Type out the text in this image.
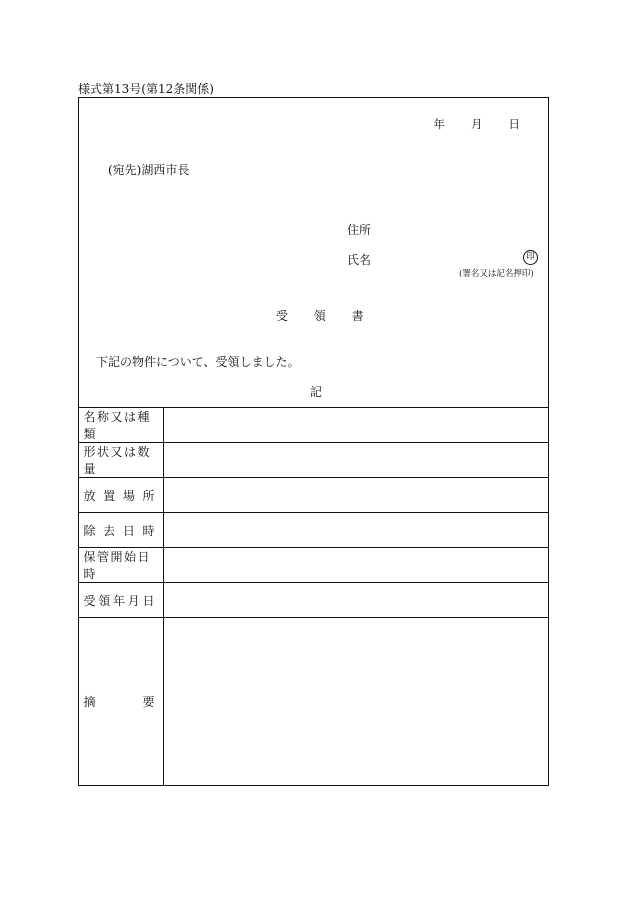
様式第13号(第12条関係)
年 月 日
(宛先)湖西市長
住所
氏名	印
(署名又は記名押印)
受 領 書
下記の物件について、受領しました。
記
名称又は種類	
形状又は数量	

放 置 場 所	

除 去 日 時	

保管開始日時	

受 領 年 月 日	

摘 要	
